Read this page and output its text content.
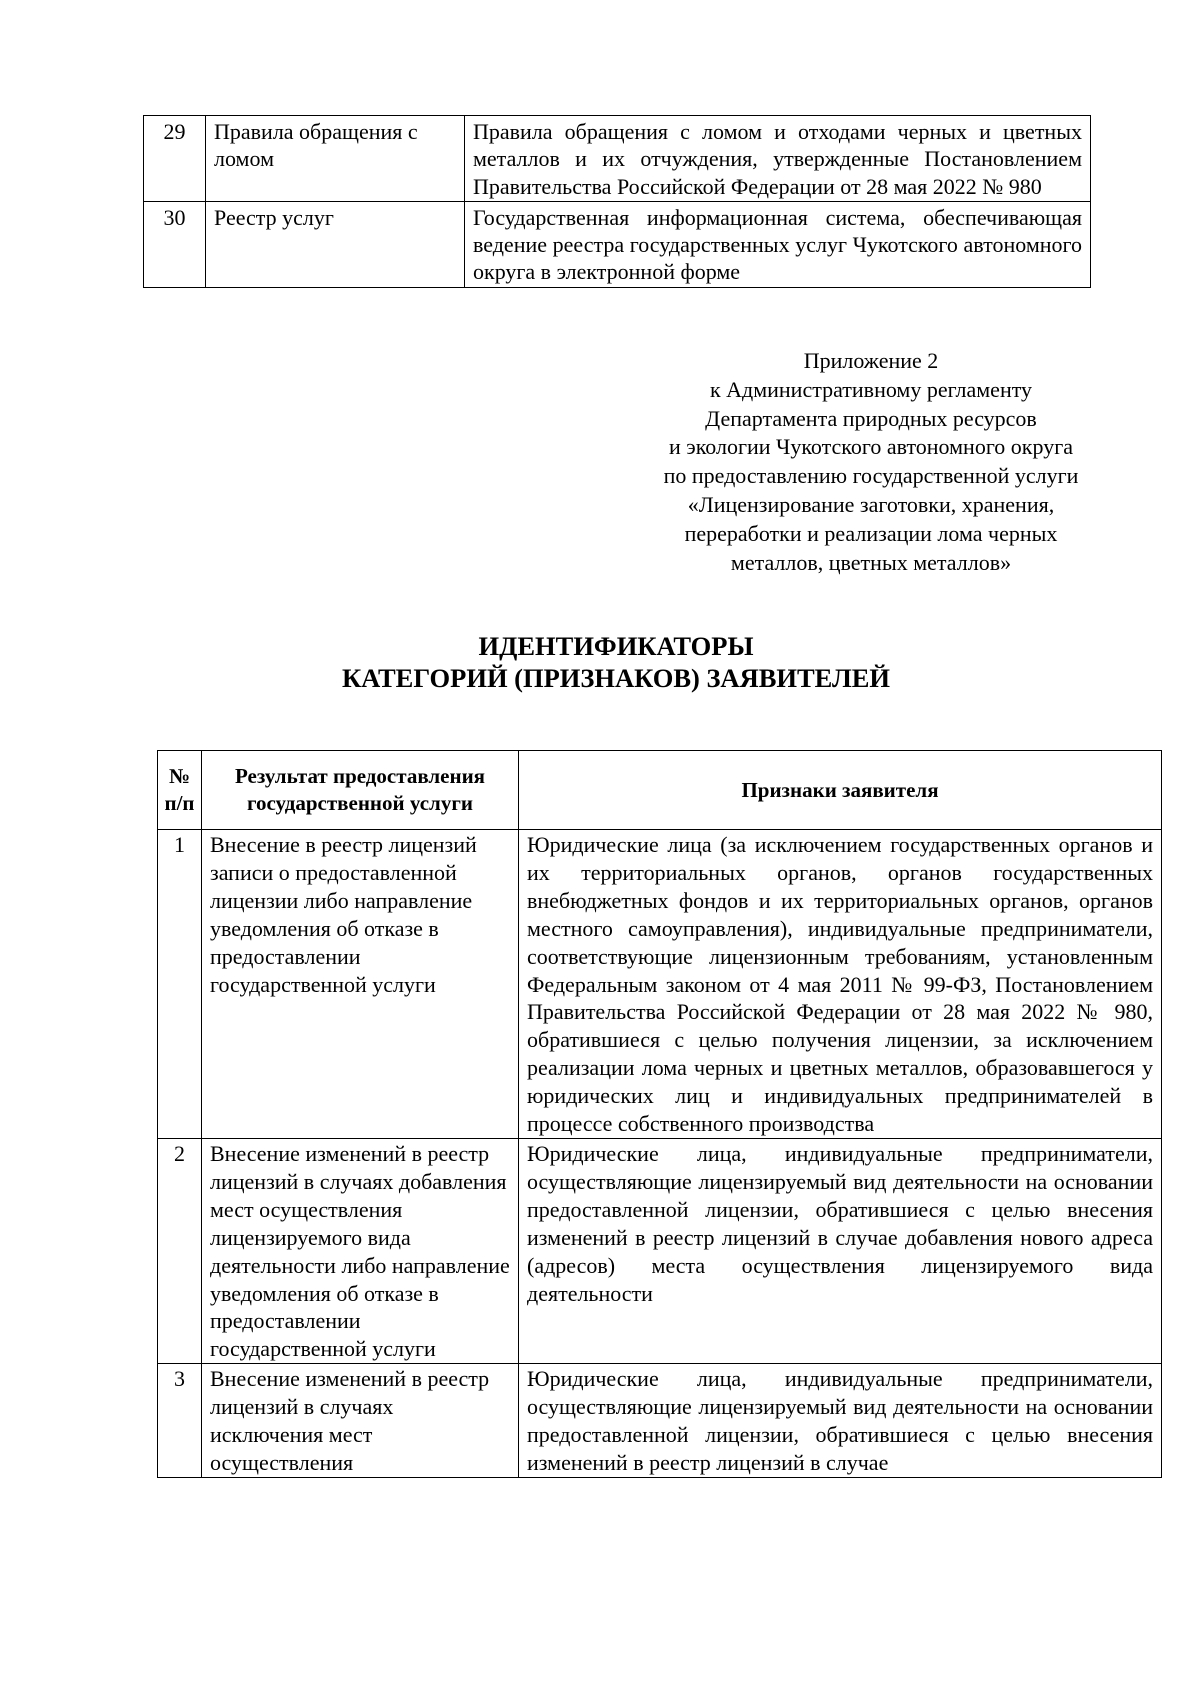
29	Правила обращения с ломом	Правила обращения с ломом и отходами черных и цветных металлов и их отчуждения, утвержденные Постановлением Правительства Российской Федерации от 28 мая 2022 № 980
30	Реестр услуг	Государственная информационная система, обеспечивающая ведение реестра государственных услуг Чукотского автономного округа в электронной форме
Приложение 2
к Административному регламенту
Департамента природных ресурсов
и экологии Чукотского автономного округа
по предоставлению государственной услуги
«Лицензирование заготовки, хранения,
переработки и реализации лома черных
металлов, цветных металлов»
ИДЕНТИФИКАТОРЫ
КАТЕГОРИЙ (ПРИЗНАКОВ) ЗАЯВИТЕЛЕЙ
№
п/п	Результат предоставления государственной услуги	Признаки заявителя
1	Внесение в реестр лицензий записи о предоставленной лицензии либо направление уведомления об отказе в предоставлении государственной услуги	Юридические лица (за исключением государственных органов и их территориальных органов, органов государственных внебюджетных фондов и их территориальных органов, органов местного самоуправления), индивидуальные предприниматели, соответствующие лицензионным требованиям, установленным Федеральным законом от 4 мая 2011 № 99-ФЗ, Постановлением Правительства Российской Федерации от 28 мая 2022 № 980, обратившиеся с целью получения лицензии, за исключением реализации лома черных и цветных металлов, образовавшегося у юридических лиц и индивидуальных предпринимателей в процессе собственного производства
2	Внесение изменений в реестр лицензий в случаях добавления мест осуществления лицензируемого вида деятельности либо направление уведомления об отказе в предоставлении государственной услуги	Юридические лица, индивидуальные предприниматели, осуществляющие лицензируемый вид деятельности на основании предоставленной лицензии, обратившиеся с целью внесения изменений в реестр лицензий в случае добавления нового адреса (адресов) места осуществления лицензируемого вида деятельности
3	Внесение изменений в реестр лицензий в случаях исключения мест осуществления	Юридические лица, индивидуальные предприниматели, осуществляющие лицензируемый вид деятельности на основании предоставленной лицензии, обратившиеся с целью внесения изменений в реестр лицензий в случае
